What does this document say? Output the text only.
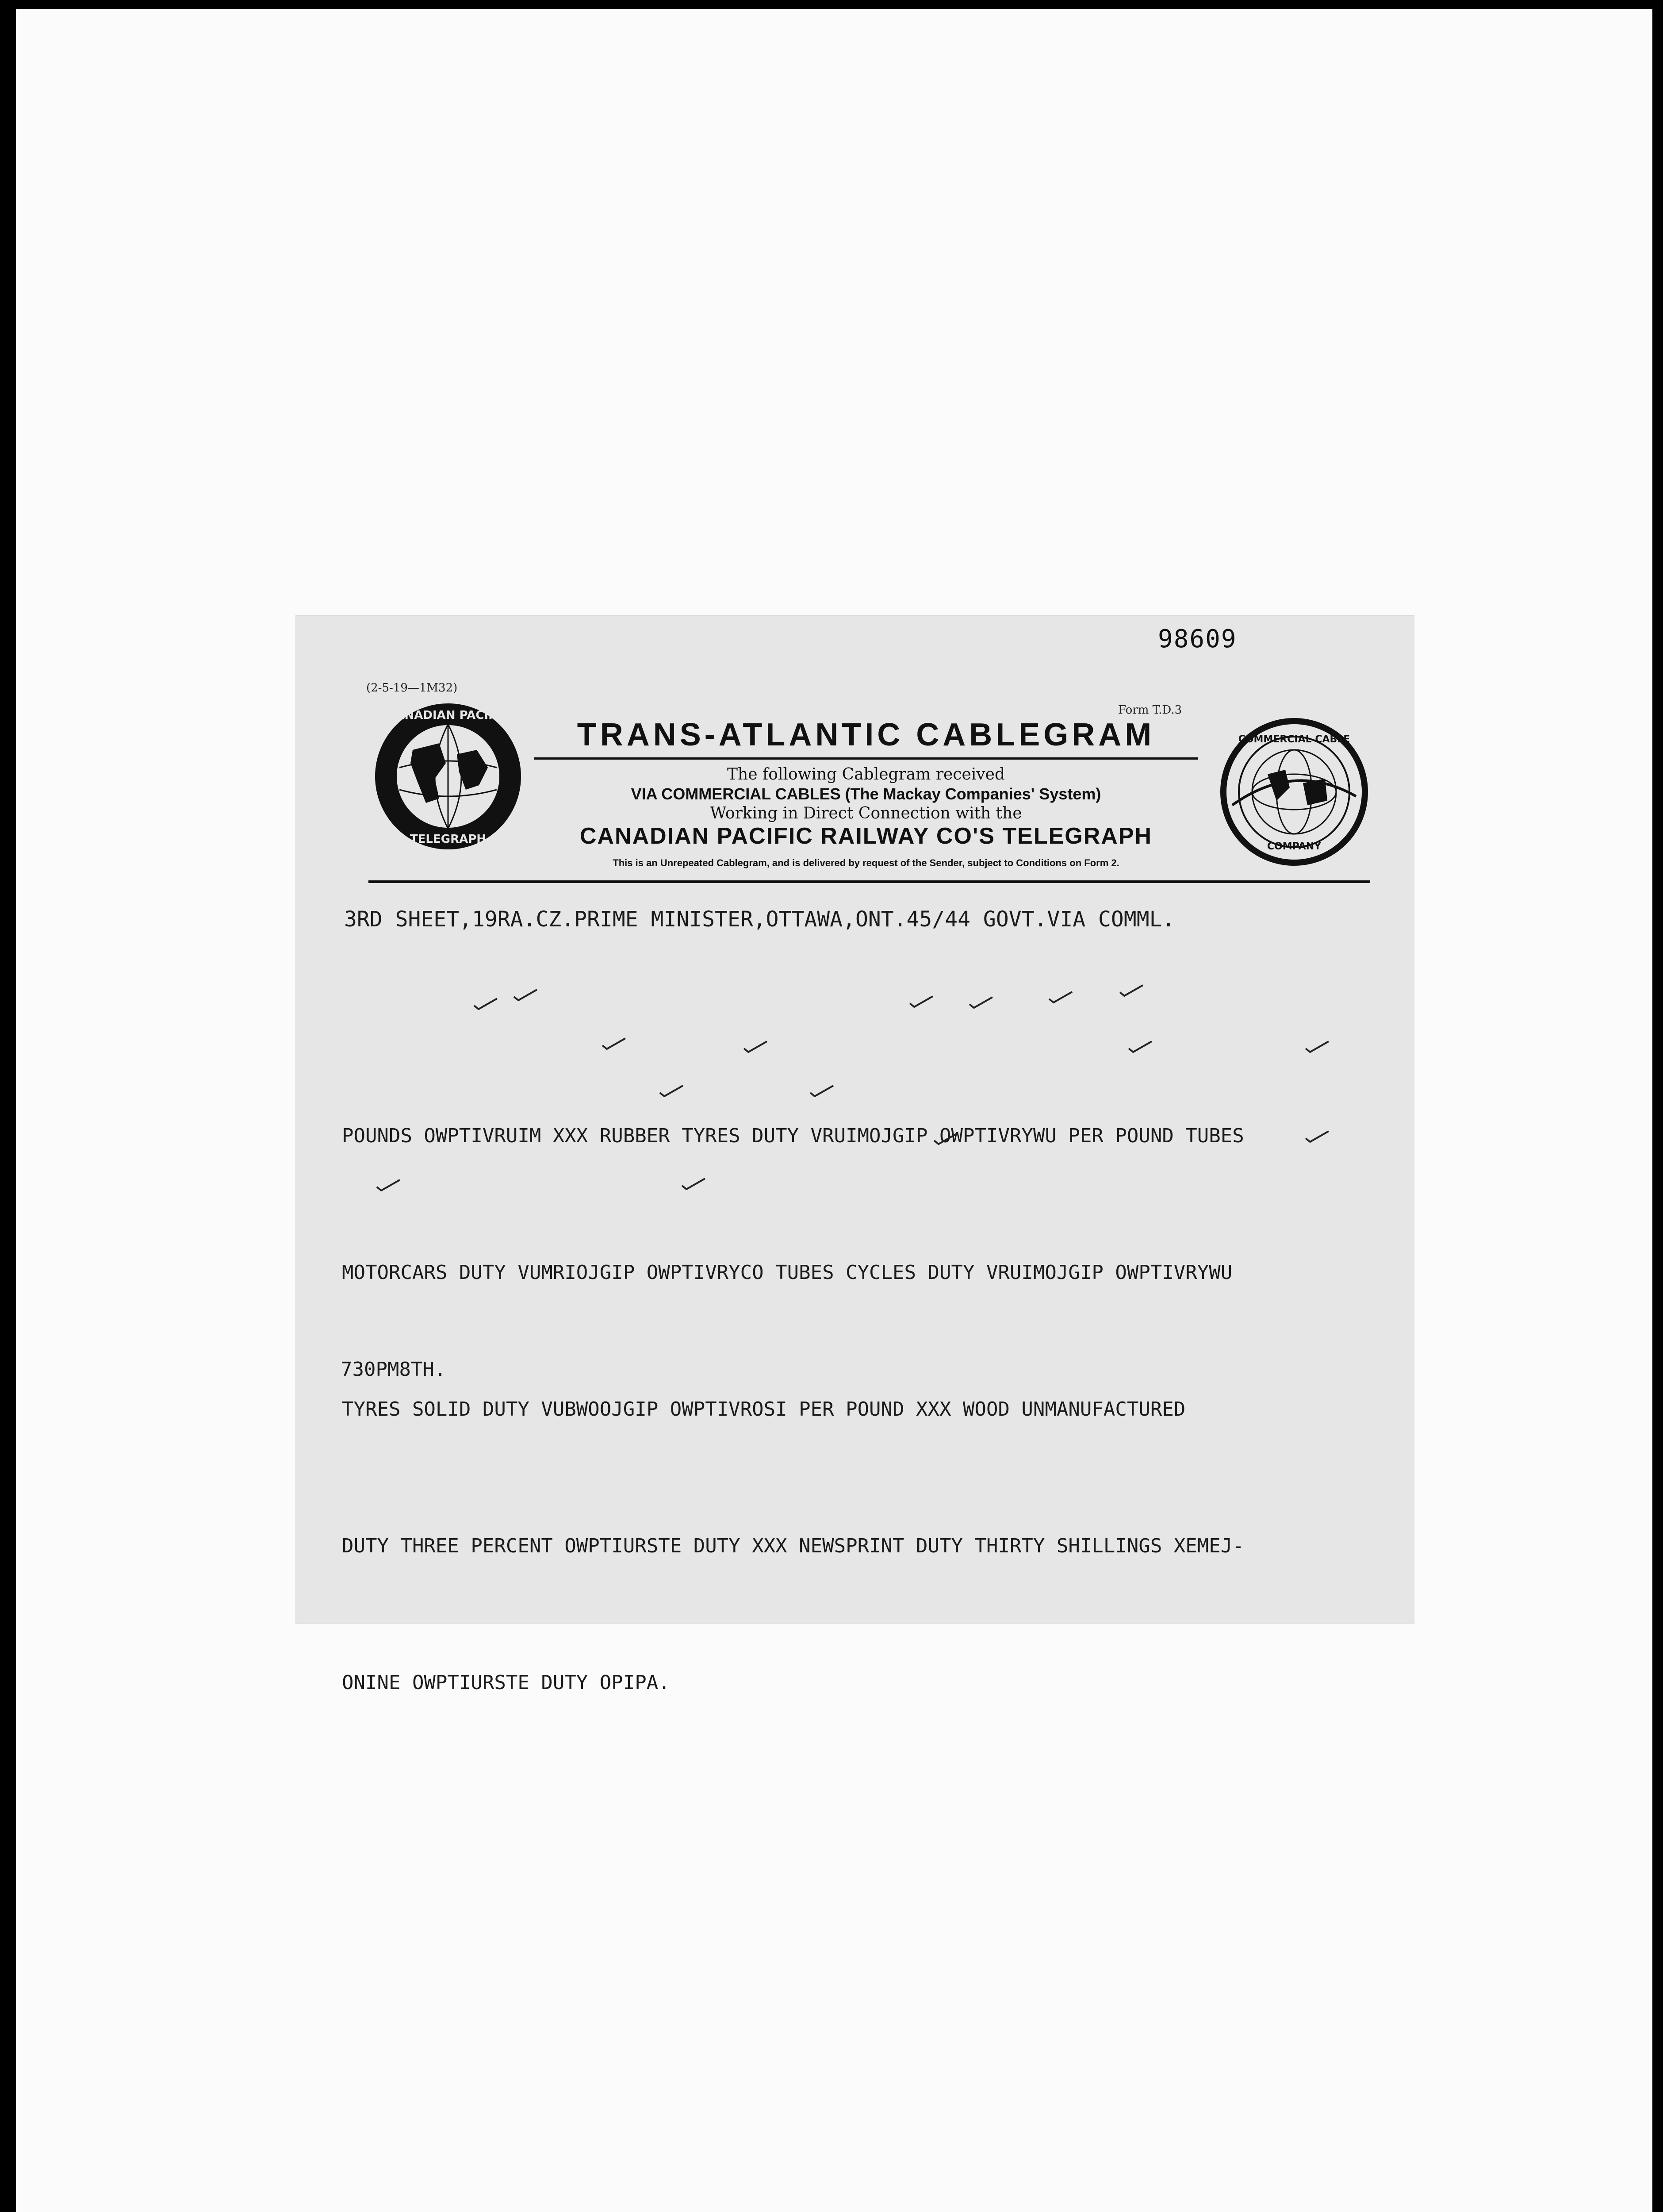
98609
(2-5-19—1M32)
Form T.D.3
CANADIAN PACIFIC
TELEGRAPH
TRANS-ATLANTIC CABLEGRAM
The following Cablegram received
VIA COMMERCIAL CABLES (The Mackay Companies' System)
Working in Direct Connection with the
CANADIAN PACIFIC RAILWAY CO'S TELEGRAPH
This is an Unrepeated Cablegram, and is delivered by request of the Sender, subject to Conditions on Form 2.
COMMERCIAL CABLE
COMPANY
3RD SHEET,19RA.CZ.PRIME MINISTER,OTTAWA,ONT.45/44 GOVT.VIA COMML.

POUNDS OWPTIVRUIM XXX RUBBER TYRES DUTY VRUIMOJGIP OWPTIVRYWU PER POUND TUBES

MOTORCARS DUTY VUMRIOJGIP OWPTIVRYCO TUBES CYCLES DUTY VRUIMOJGIP OWPTIVRYWU

TYRES SOLID DUTY VUBWOOJGIP OWPTIVROSI PER POUND XXX WOOD UNMANUFACTURED

DUTY THREE PERCENT OWPTIURSTE DUTY XXX NEWSPRINT DUTY THIRTY SHILLINGS XEMEJ-

ONINE OWPTIURSTE DUTY OPIPA.

730PM8TH.
